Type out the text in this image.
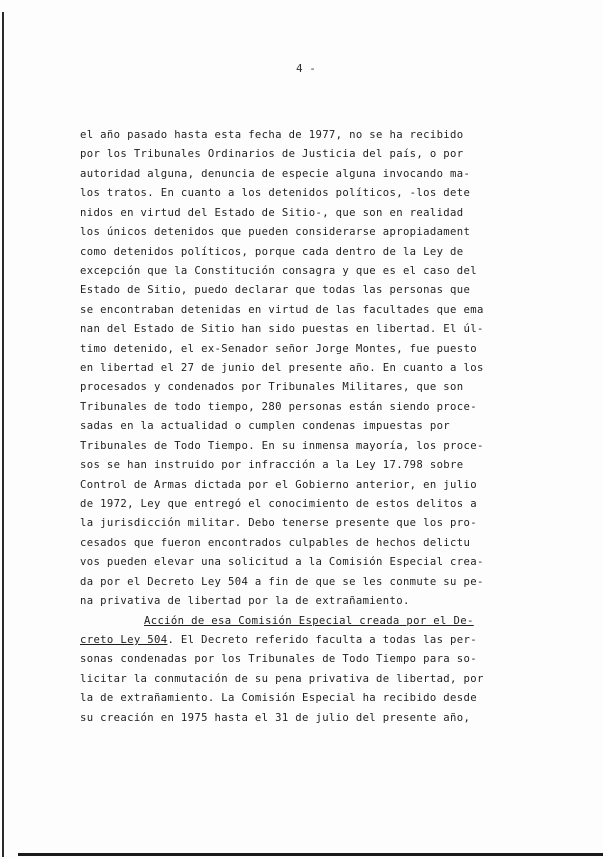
4 -
el año pasado hasta esta fecha de 1977, no se ha recibido
por los Tribunales Ordinarios de Justicia del país, o por
autoridad alguna, denuncia de especie alguna invocando ma-
los tratos. En cuanto a los detenidos políticos, -los dete
nidos en virtud del Estado de Sitio-, que son en realidad
los únicos detenidos que pueden considerarse apropiadament
como detenidos políticos, porque cada dentro de la Ley de
excepción que la Constitución consagra y que es el caso del
Estado de Sitio, puedo declarar que todas las personas que
se encontraban detenidas en virtud de las facultades que ema
nan del Estado de Sitio han sido puestas en libertad. El úl-
timo detenido, el ex-Senador señor Jorge Montes, fue puesto
en libertad el 27 de junio del presente año. En cuanto a los
procesados y condenados por Tribunales Militares, que son
Tribunales de todo tiempo, 280 personas están siendo proce-
sadas en la actualidad o cumplen condenas impuestas por
Tribunales de Todo Tiempo. En su inmensa mayoría, los proce-
sos se han instruido por infracción a la Ley 17.798 sobre
Control de Armas dictada por el Gobierno anterior, en julio
de 1972, Ley que entregó el conocimiento de estos delitos a
la jurisdicción militar. Debo tenerse presente que los pro-
cesados que fueron encontrados culpables de hechos delictu
vos pueden elevar una solicitud a la Comisión Especial crea-
da por el Decreto Ley 504 a fin de que se les conmute su pe-
na privativa de libertad por la de extrañamiento.
Acción de esa Comisión Especial creada por el De-
creto Ley 504. El Decreto referido faculta a todas las per-
sonas condenadas por los Tribunales de Todo Tiempo para so-
licitar la conmutación de su pena privativa de libertad, por
la de extrañamiento. La Comisión Especial ha recibido desde
su creación en 1975 hasta el 31 de julio del presente año,
